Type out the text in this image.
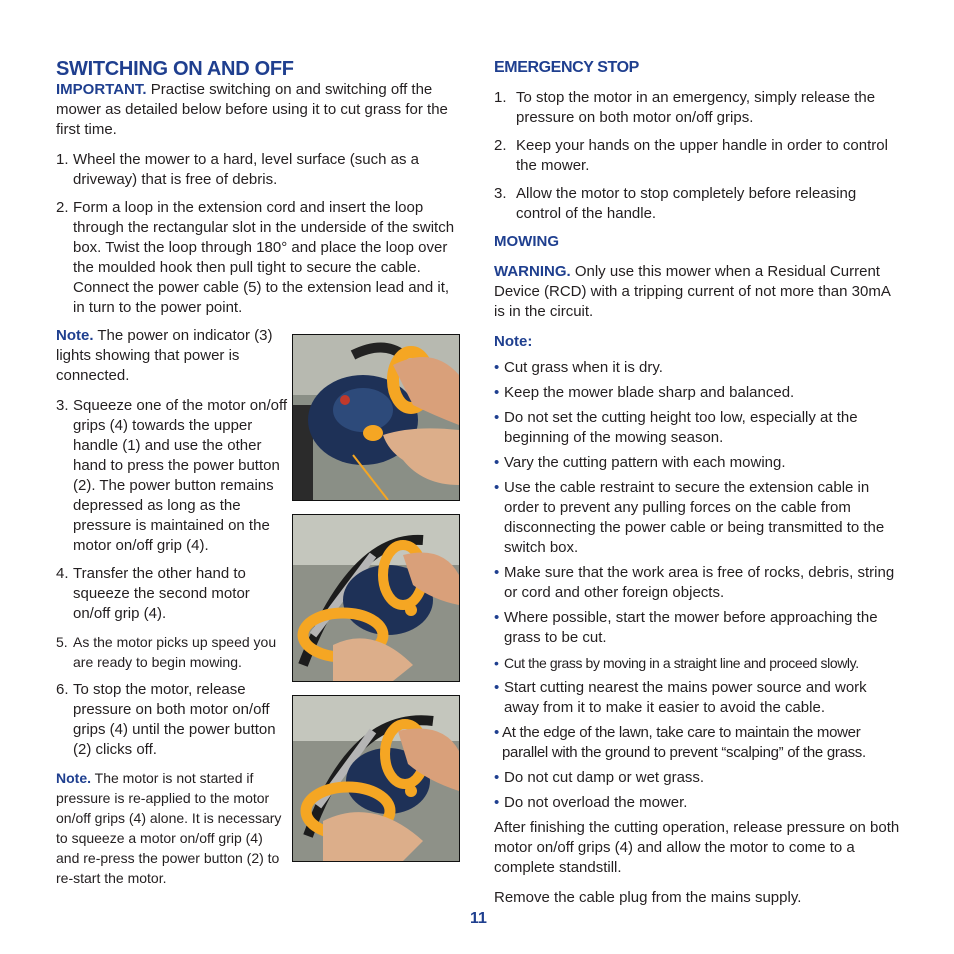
SWITCHING ON AND OFF

IMPORTANT. Practise switching on and switching off the mower as detailed below before using it to cut grass for the first time.

1. Wheel the mower to a hard, level surface (such as a driveway) that is free of debris.
2. Form a loop in the extension cord and insert the loop through the rectangular slot in the underside of the switch box. Twist the loop through 180° and place the loop over the moulded hook then pull tight to secure the cable. Connect the power cable (5) to the extension lead and it, in turn to the power point.

Note. The power on indicator (3) lights showing that power is connected.

3. Squeeze one of the motor on/off grips (4) towards the upper handle (1) and use the other hand to press the power button (2). The power button remains depressed as long as the pressure is maintained on the motor on/off grip (4).
4. Transfer the other hand to squeeze the second motor on/off grip (4).
5. As the motor picks up speed you are ready to begin mowing.
6. To stop the motor, release pressure on both motor on/off grips (4) until the power button (2) clicks off.

Note. The motor is not started if pressure is re-applied to the motor on/off grips (4) alone. It is necessary to squeeze a motor on/off grip (4) and re-press the power button (2) to re-start the motor.

EMERGENCY STOP
1. To stop the motor in an emergency, simply release the pressure on both motor on/off grips.
2. Keep your hands on the upper handle in order to control the mower.
3. Allow the motor to stop completely before releasing control of the handle.
MOWING

WARNING. Only use this mower when a Residual Current Device (RCD) with a tripping current of not more than 30mA is in the circuit.

Note:

• Cut grass when it is dry.
• Keep the mower blade sharp and balanced.
• Do not set the cutting height too low, especially at the beginning of the mowing season.
• Vary the cutting pattern with each mowing.
• Use the cable restraint to secure the extension cable in order to prevent any pulling forces on the cable from disconnecting the power cable or being transmitted to the switch box.
• Make sure that the work area is free of rocks, debris, string or cord and other foreign objects.
• Where possible, start the mower before approaching the grass to be cut.
• Cut the grass by moving in a straight line and proceed slowly.
• Start cutting nearest the mains power source and work away from it to make it easier to avoid the cable.
• At the edge of the lawn, take care to maintain the mower parallel with the ground to prevent “scalping” of the grass.
• Do not cut damp or wet grass.
• Do not overload the mower.

After finishing the cutting operation, release pressure on both motor on/off grips (4) and allow the motor to come to a complete standstill.

Remove the cable plug from the mains supply.

11
